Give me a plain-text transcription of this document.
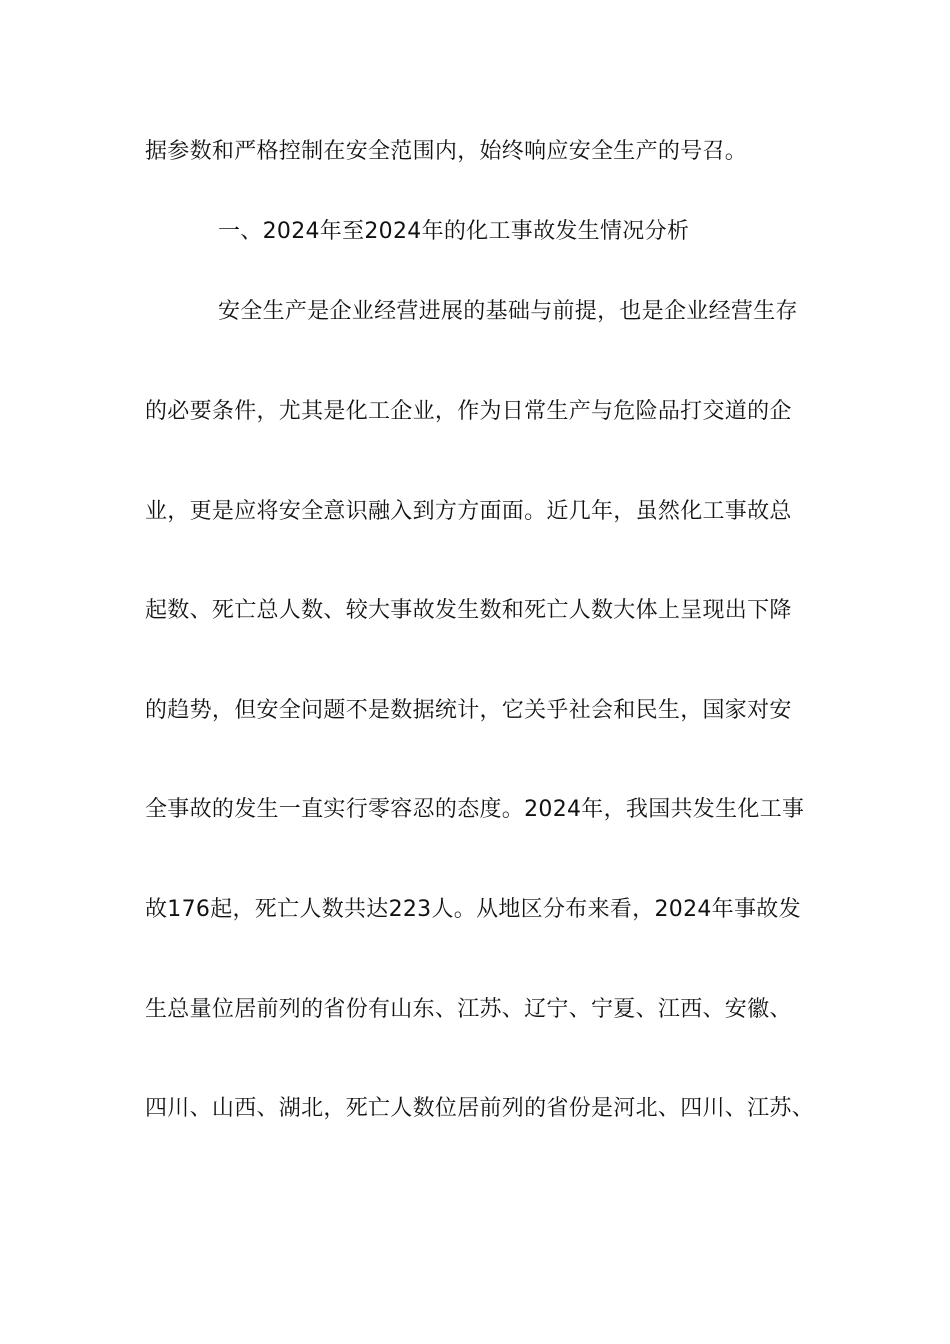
据参数和严格控制在安全范围内，始终响应安全生产的号召。
一、2024年至2024年的化工事故发生情况分析
安全生产是企业经营进展的基础与前提，也是企业经营生存
的必要条件，尤其是化工企业，作为日常生产与危险品打交道的企
业，更是应将安全意识融入到方方面面。近几年，虽然化工事故总
起数、死亡总人数、较大事故发生数和死亡人数大体上呈现出下降
的趋势，但安全问题不是数据统计，它关乎社会和民生，国家对安
全事故的发生一直实行零容忍的态度。2024年，我国共发生化工事
故176起，死亡人数共达223人。从地区分布来看，2024年事故发
生总量位居前列的省份有山东、江苏、辽宁、宁夏、江西、安徽、
四川、山西、湖北，死亡人数位居前列的省份是河北、四川、江苏、
